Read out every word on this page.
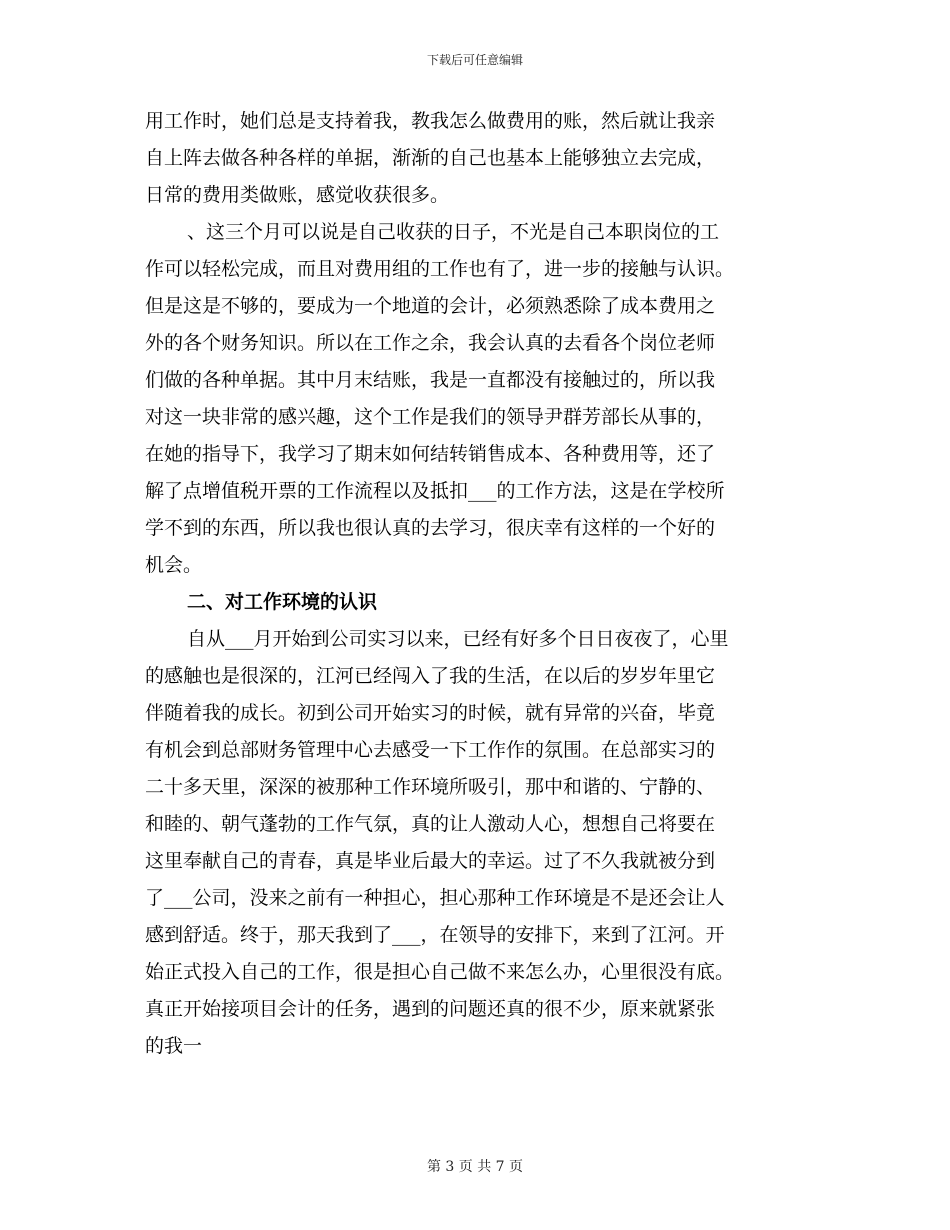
下载后可任意编辑
用工作时，她们总是支持着我，教我怎么做费用的账，然后就让我亲
自上阵去做各种各样的单据，渐渐的自己也基本上能够独立去完成，
日常的费用类做账，感觉收获很多。
、这三个月可以说是自己收获的日子，不光是自己本职岗位的工
作可以轻松完成，而且对费用组的工作也有了，进一步的接触与认识。
但是这是不够的，要成为一个地道的会计，必须熟悉除了成本费用之
外的各个财务知识。所以在工作之余，我会认真的去看各个岗位老师
们做的各种单据。其中月末结账，我是一直都没有接触过的，所以我
对这一块非常的感兴趣，这个工作是我们的领导尹群芳部长从事的，
在她的指导下，我学习了期末如何结转销售成本、各种费用等，还了
解了点增值税开票的工作流程以及抵扣___的工作方法，这是在学校所
学不到的东西，所以我也很认真的去学习，很庆幸有这样的一个好的
机会。
二、对工作环境的认识
自从___月开始到公司实习以来，已经有好多个日日夜夜了，心里
的感触也是很深的，江河已经闯入了我的生活，在以后的岁岁年里它
伴随着我的成长。初到公司开始实习的时候，就有异常的兴奋，毕竟
有机会到总部财务管理中心去感受一下工作作的氛围。在总部实习的
二十多天里，深深的被那种工作环境所吸引，那中和谐的、宁静的、
和睦的、朝气蓬勃的工作气氛，真的让人激动人心，想想自己将要在
这里奉献自己的青春，真是毕业后最大的幸运。过了不久我就被分到
了___公司，没来之前有一种担心，担心那种工作环境是不是还会让人
感到舒适。终于，那天我到了___，在领导的安排下，来到了江河。开
始正式投入自己的工作，很是担心自己做不来怎么办，心里很没有底。
真正开始接项目会计的任务，遇到的问题还真的很不少，原来就紧张
的我一
第 3 页 共 7 页
